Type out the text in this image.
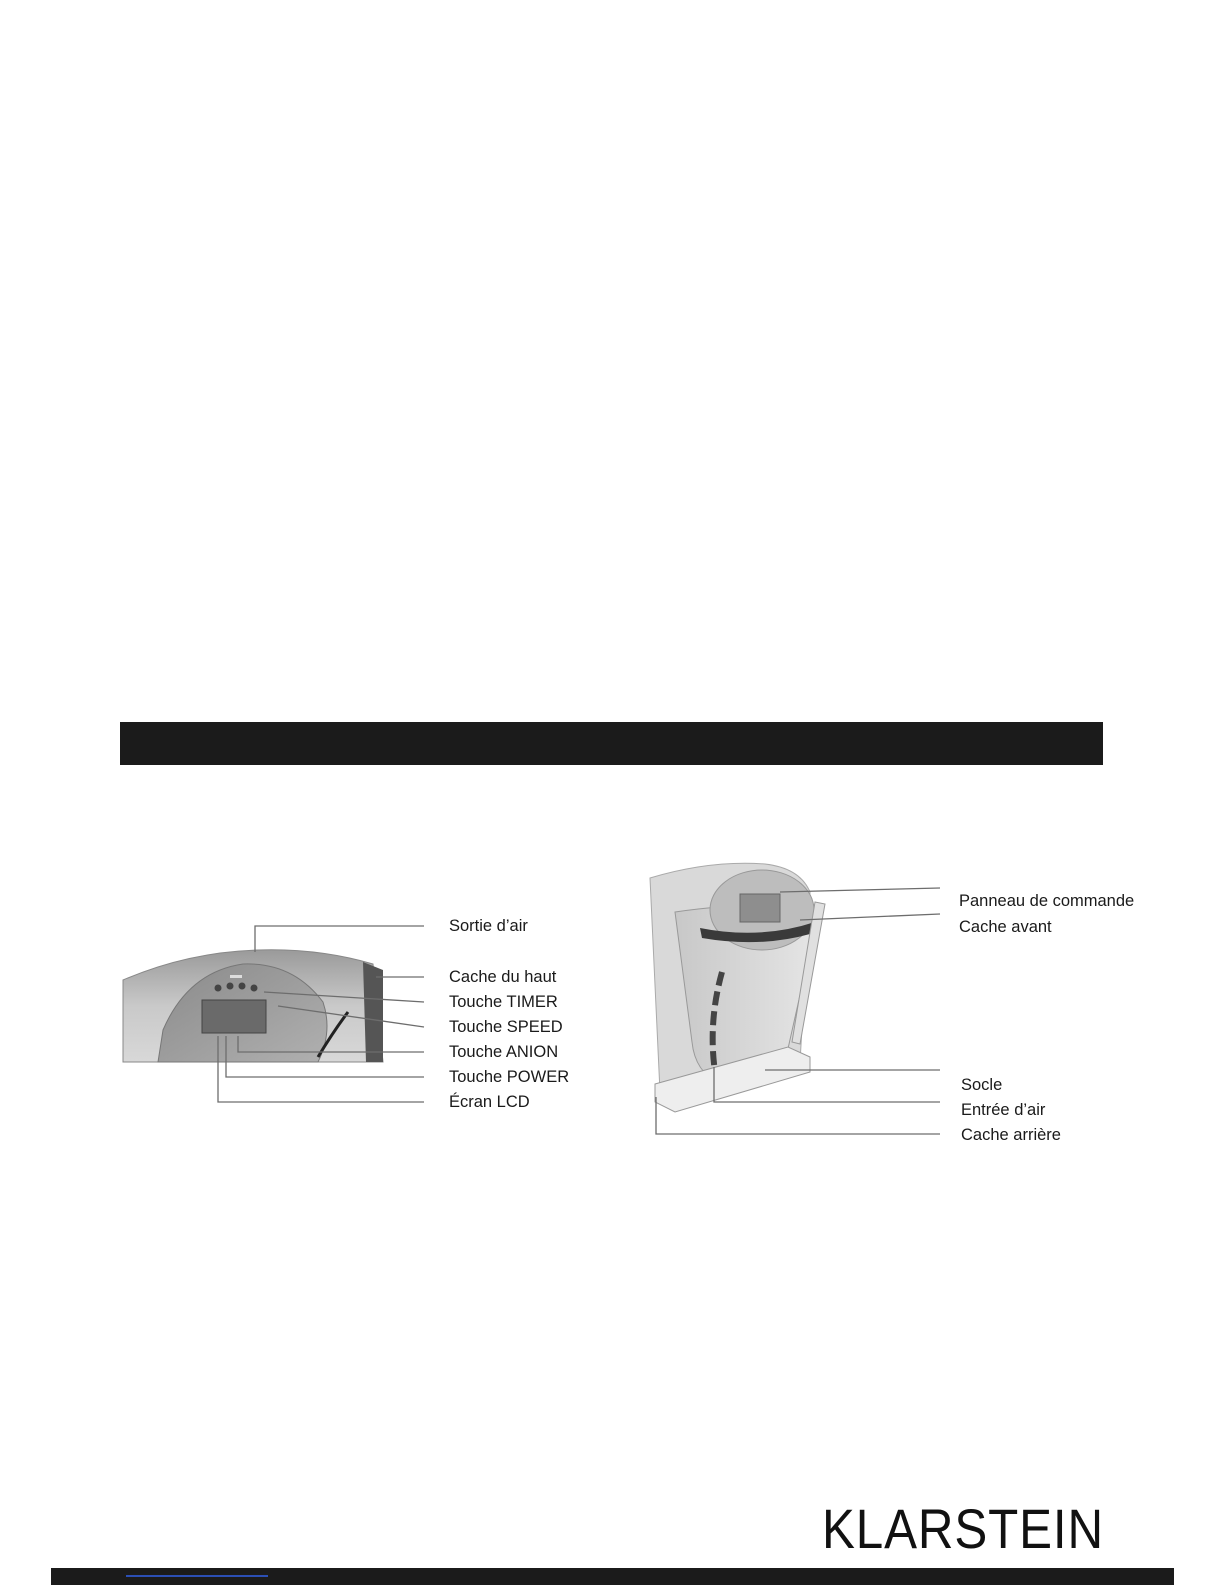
Sortie d’air
Cache du haut
Touche TIMER
Touche SPEED
Touche ANION
Touche POWER
Écran LCD
Panneau de commande
Cache avant
Socle
Entrée d’air
Cache arrière
KLARSTEIN
